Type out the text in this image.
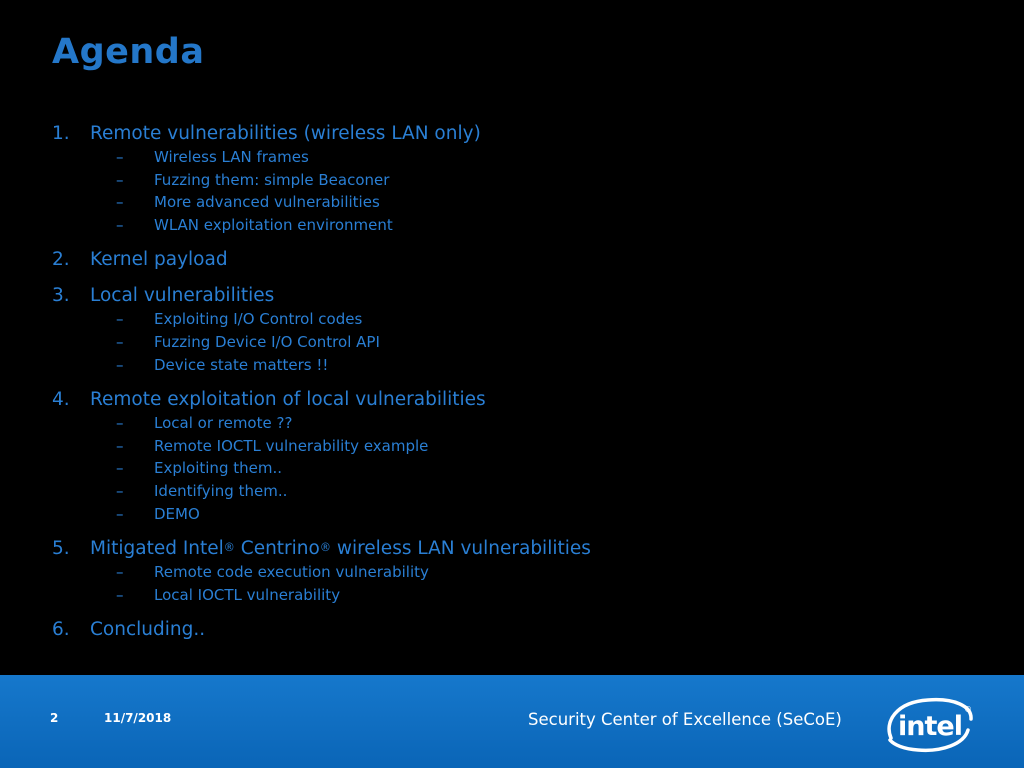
Agenda
1.	Remote vulnerabilities (wireless LAN only)
–	Wireless LAN frames
–	Fuzzing them: simple Beaconer
–	More advanced vulnerabilities
–	WLAN exploitation environment
2.	Kernel payload
3.	Local vulnerabilities
–	Exploiting I/O Control codes
–	Fuzzing Device I/O Control API
–	Device state matters !!
4.	Remote exploitation of local vulnerabilities
–	Local or remote ??
–	Remote IOCTL vulnerability example
–	Exploiting them..
–	Identifying them..
–	DEMO
5.	Mitigated Intel® Centrino® wireless LAN vulnerabilities
–	Remote code execution vulnerability
–	Local IOCTL vulnerability
6.	Concluding..
2	11/7/2018	Security Center of Excellence (SeCoE) intel
®
